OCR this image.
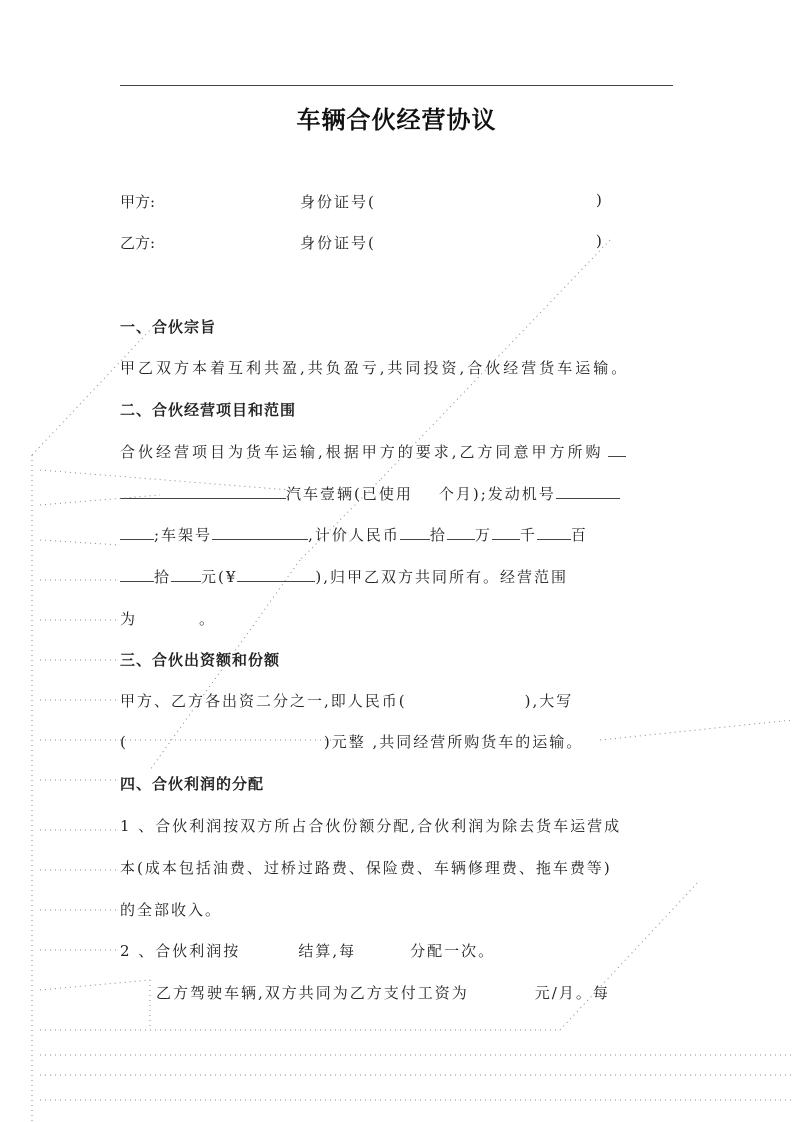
车辆合伙经营协议
甲方:	身份证号(	)
乙方:	身份证号(	)
一、合伙宗旨
甲乙双方本着互利共盈,共负盈亏,共同投资,合伙经营货车运输。
二、合伙经营项目和范围
合伙经营项目为货车运输,根据甲方的要求,乙方同意甲方所购
汽车壹辆(已使用 个月);发动机号
;车架号	,计价人民币 拾 万 千 百
拾 元(¥	),归甲乙双方共同所有。经营范围
为	。
三、合伙出资额和份额
甲方、乙方各出资二分之一,即人民币(	),大写
(	)元整 ,共同经营所购货车的运输。
四、合伙利润的分配
1 、合伙利润按双方所占合伙份额分配,合伙利润为除去货车运营成
本(成本包括油费、过桥过路费、保险费、车辆修理费、拖车费等)
的全部收入。
2 、合伙利润按	结算,每	分配一次。
乙方驾驶车辆,双方共同为乙方支付工资为	元/月。每
